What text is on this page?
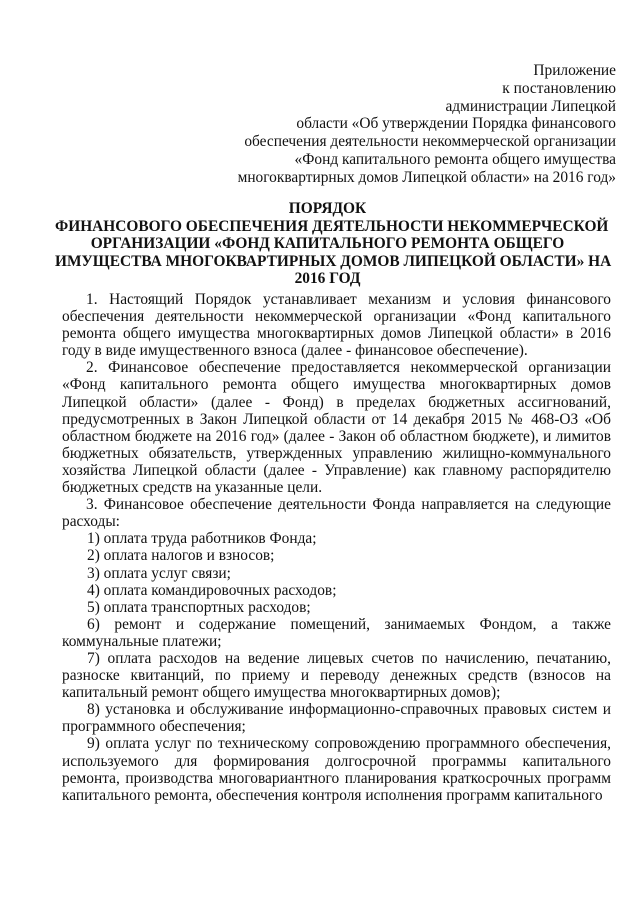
Приложение
к постановлению
администрации Липецкой
области «Об утверждении Порядка финансового
обеспечения деятельности некоммерческой организации
«Фонд капитального ремонта общего имущества
многоквартирных домов Липецкой области» на 2016 год»
ПОРЯДОК
ФИНАНСОВОГО ОБЕСПЕЧЕНИЯ ДЕЯТЕЛЬНОСТИ НЕКОММЕРЧЕСКОЙ
ОРГАНИЗАЦИИ «ФОНД КАПИТАЛЬНОГО РЕМОНТА ОБЩЕГО
ИМУЩЕСТВА МНОГОКВАРТИРНЫХ ДОМОВ ЛИПЕЦКОЙ ОБЛАСТИ» НА
2016 ГОД

1. Настоящий Порядок устанавливает механизм и условия финансового обеспечения деятельности некоммерческой организации «Фонд капитального ремонта общего имущества многоквартирных домов Липецкой области» в 2016 году в виде имущественного взноса (далее - финансовое обеспечение).

2. Финансовое обеспечение предоставляется некоммерческой организации «Фонд капитального ремонта общего имущества многоквартирных домов Липецкой области» (далее - Фонд) в пределах бюджетных ассигнований, предусмотренных в Закон Липецкой области от 14 декабря 2015 № 468-ОЗ «Об областном бюджете на 2016 год» (далее - Закон об областном бюджете), и лимитов бюджетных обязательств, утвержденных управлению жилищно-коммунального хозяйства Липецкой области (далее - Управление) как главному распорядителю бюджетных средств на указанные цели.

3. Финансовое обеспечение деятельности Фонда направляется на следующие расходы:

1) оплата труда работников Фонда;

2) оплата налогов и взносов;

3) оплата услуг связи;

4) оплата командировочных расходов;

5) оплата транспортных расходов;

6) ремонт и содержание помещений, занимаемых Фондом, а также коммунальные платежи;

7) оплата расходов на ведение лицевых счетов по начислению, печатанию, разноске квитанций, по приему и переводу денежных средств (взносов на капитальный ремонт общего имущества многоквартирных домов);

8) установка и обслуживание информационно-справочных правовых систем и программного обеспечения;

9) оплата услуг по техническому сопровождению программного обеспечения, используемого для формирования долгосрочной программы капитального ремонта, производства многовариантного планирования краткосрочных программ капитального ремонта, обеспечения контроля исполнения программ капитального
